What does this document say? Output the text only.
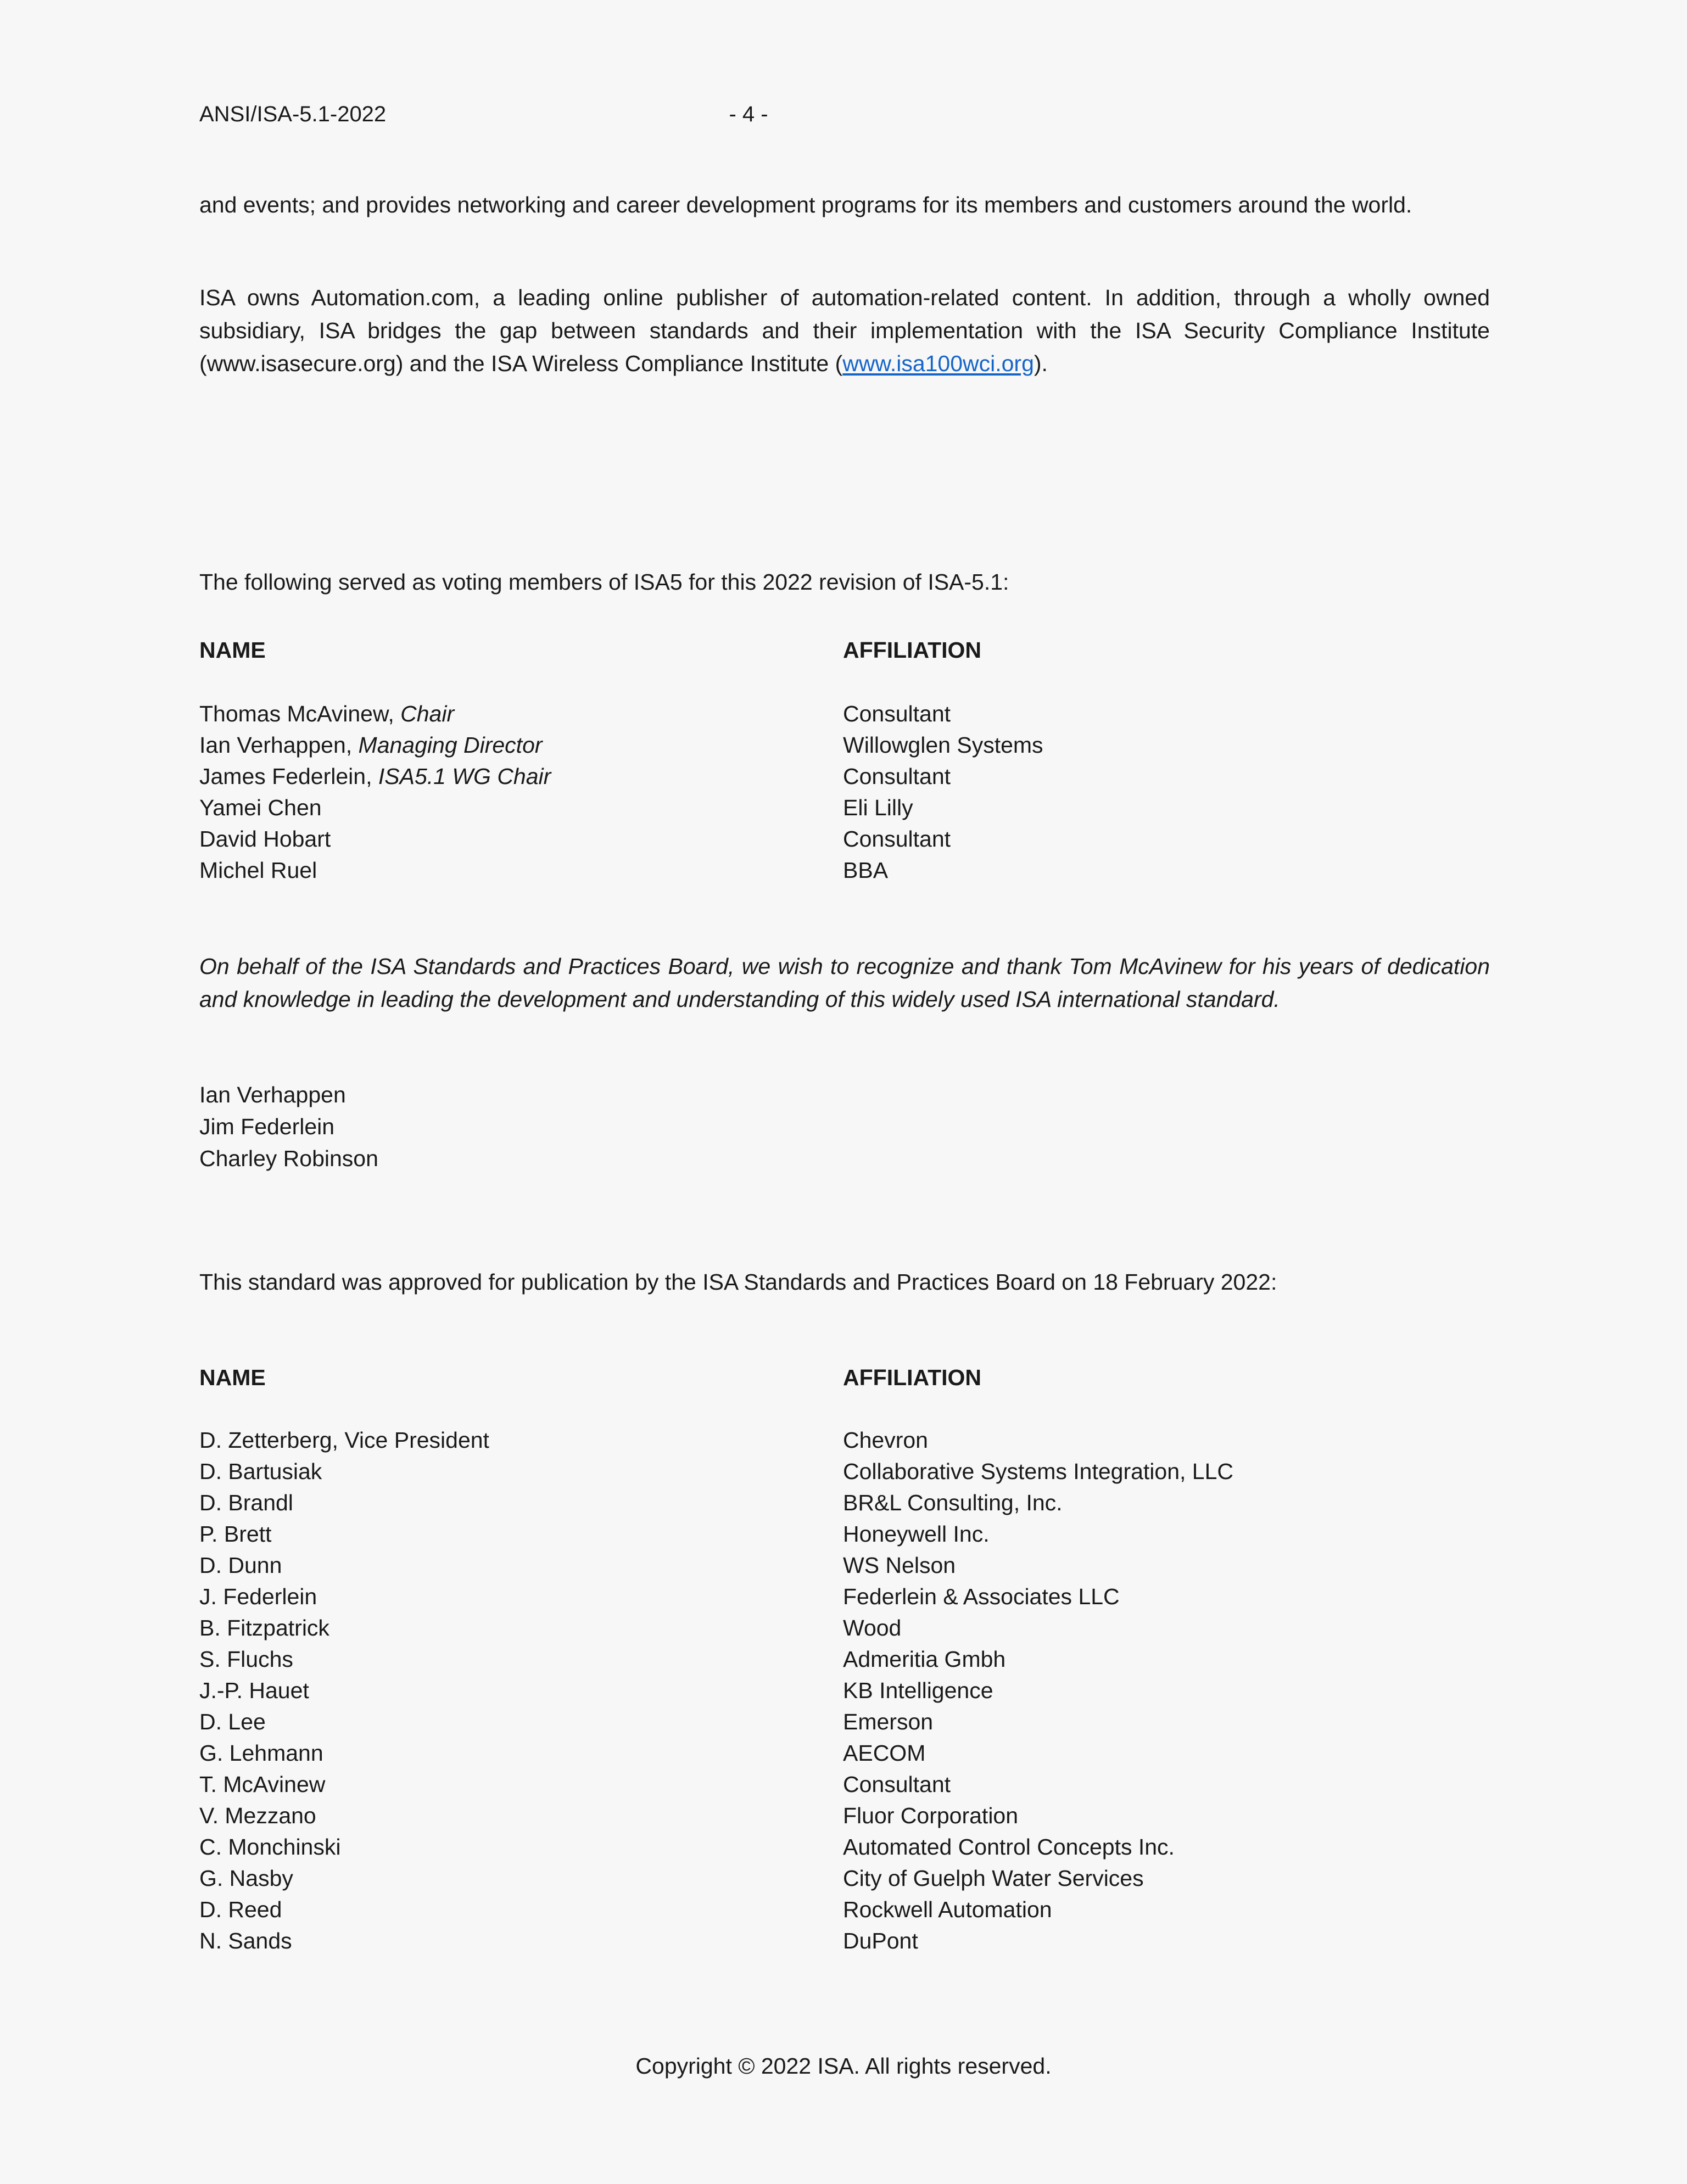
ANSI/ISA-5.1-2022	- 4 -

and events; and provides networking and career development programs for its members and customers around the world.

ISA owns Automation.com, a leading online publisher of automation-related content. In addition, through a wholly owned subsidiary, ISA bridges the gap between standards and their implementation with the ISA Security Compliance Institute (www.isasecure.org) and the ISA Wireless Compliance Institute (www.isa100wci.org).

The following served as voting members of ISA5 for this 2022 revision of ISA-5.1:
NAME	AFFILIATION
Thomas McAvinew, Chair	Consultant
Ian Verhappen, Managing Director	Willowglen Systems
James Federlein, ISA5.1 WG Chair	Consultant
Yamei Chen	Eli Lilly
David Hobart	Consultant
Michel Ruel	BBA
On behalf of the ISA Standards and Practices Board, we wish to recognize and thank Tom McAvinew for his years of dedication and knowledge in leading the development and understanding of this widely used ISA international standard.
Ian Verhappen
Jim Federlein
Charley Robinson
This standard was approved for publication by the ISA Standards and Practices Board on 18 February 2022:
NAME	AFFILIATION
D. Zetterberg, Vice President	Chevron
D. Bartusiak	Collaborative Systems Integration, LLC
D. Brandl	BR&L Consulting, Inc.
P. Brett	Honeywell Inc.
D. Dunn	WS Nelson
J. Federlein	Federlein & Associates LLC
B. Fitzpatrick	Wood
S. Fluchs	Admeritia Gmbh
J.-P. Hauet	KB Intelligence
D. Lee	Emerson
G. Lehmann	AECOM
T. McAvinew	Consultant
V. Mezzano	Fluor Corporation
C. Monchinski	Automated Control Concepts Inc.
G. Nasby	City of Guelph Water Services
D. Reed	Rockwell Automation
N. Sands	DuPont
Copyright © 2022 ISA. All rights reserved.
